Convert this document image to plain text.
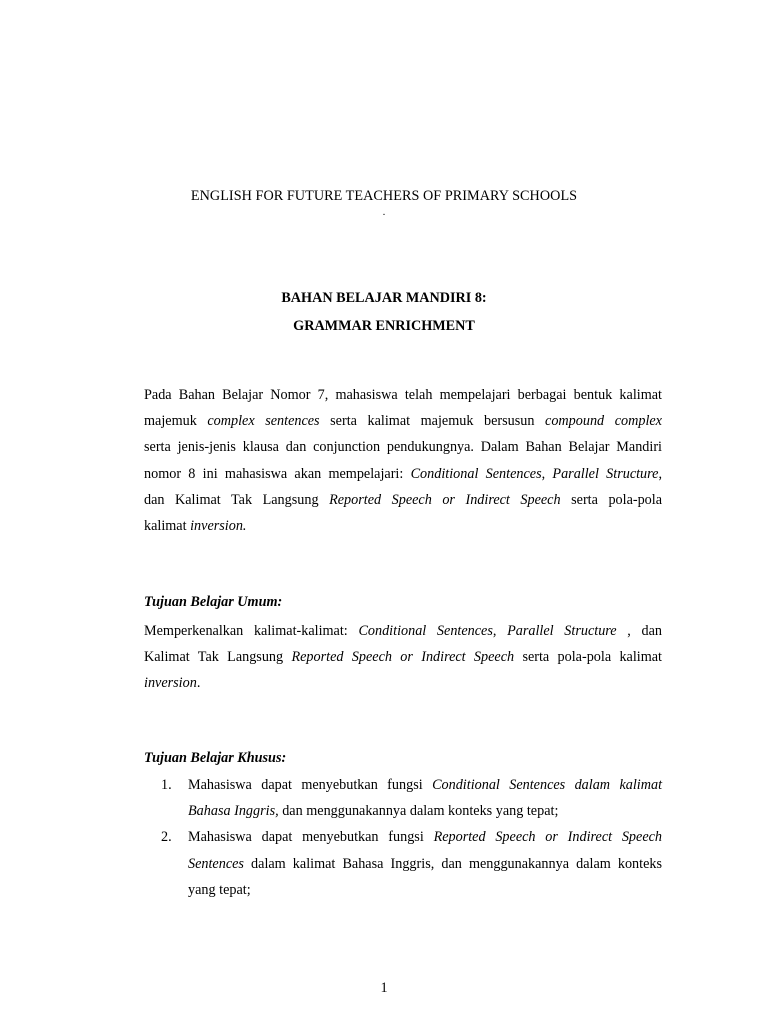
ENGLISH FOR FUTURE TEACHERS OF PRIMARY SCHOOLS
.
BAHAN BELAJAR MANDIRI 8:
GRAMMAR ENRICHMENT
Pada Bahan Belajar Nomor 7, mahasiswa telah mempelajari berbagai bentuk kalimat
majemuk complex sentences serta kalimat majemuk bersusun compound complex
serta jenis-jenis klausa dan conjunction pendukungnya. Dalam Bahan Belajar Mandiri
nomor 8 ini mahasiswa akan mempelajari: Conditional Sentences, Parallel Structure,
dan Kalimat Tak Langsung Reported Speech or Indirect Speech serta pola-pola
kalimat inversion.
Tujuan Belajar Umum:
Memperkenalkan kalimat-kalimat: Conditional Sentences, Parallel Structure , dan
Kalimat Tak Langsung Reported Speech or Indirect Speech serta pola-pola kalimat
inversion.
Tujuan Belajar Khusus:
1. Mahasiswa dapat menyebutkan fungsi Conditional Sentences dalam kalimat
Bahasa Inggris, dan menggunakannya dalam konteks yang tepat;
2. Mahasiswa dapat menyebutkan fungsi Reported Speech or Indirect Speech
Sentences dalam kalimat Bahasa Inggris, dan menggunakannya dalam konteks
yang tepat;
1
